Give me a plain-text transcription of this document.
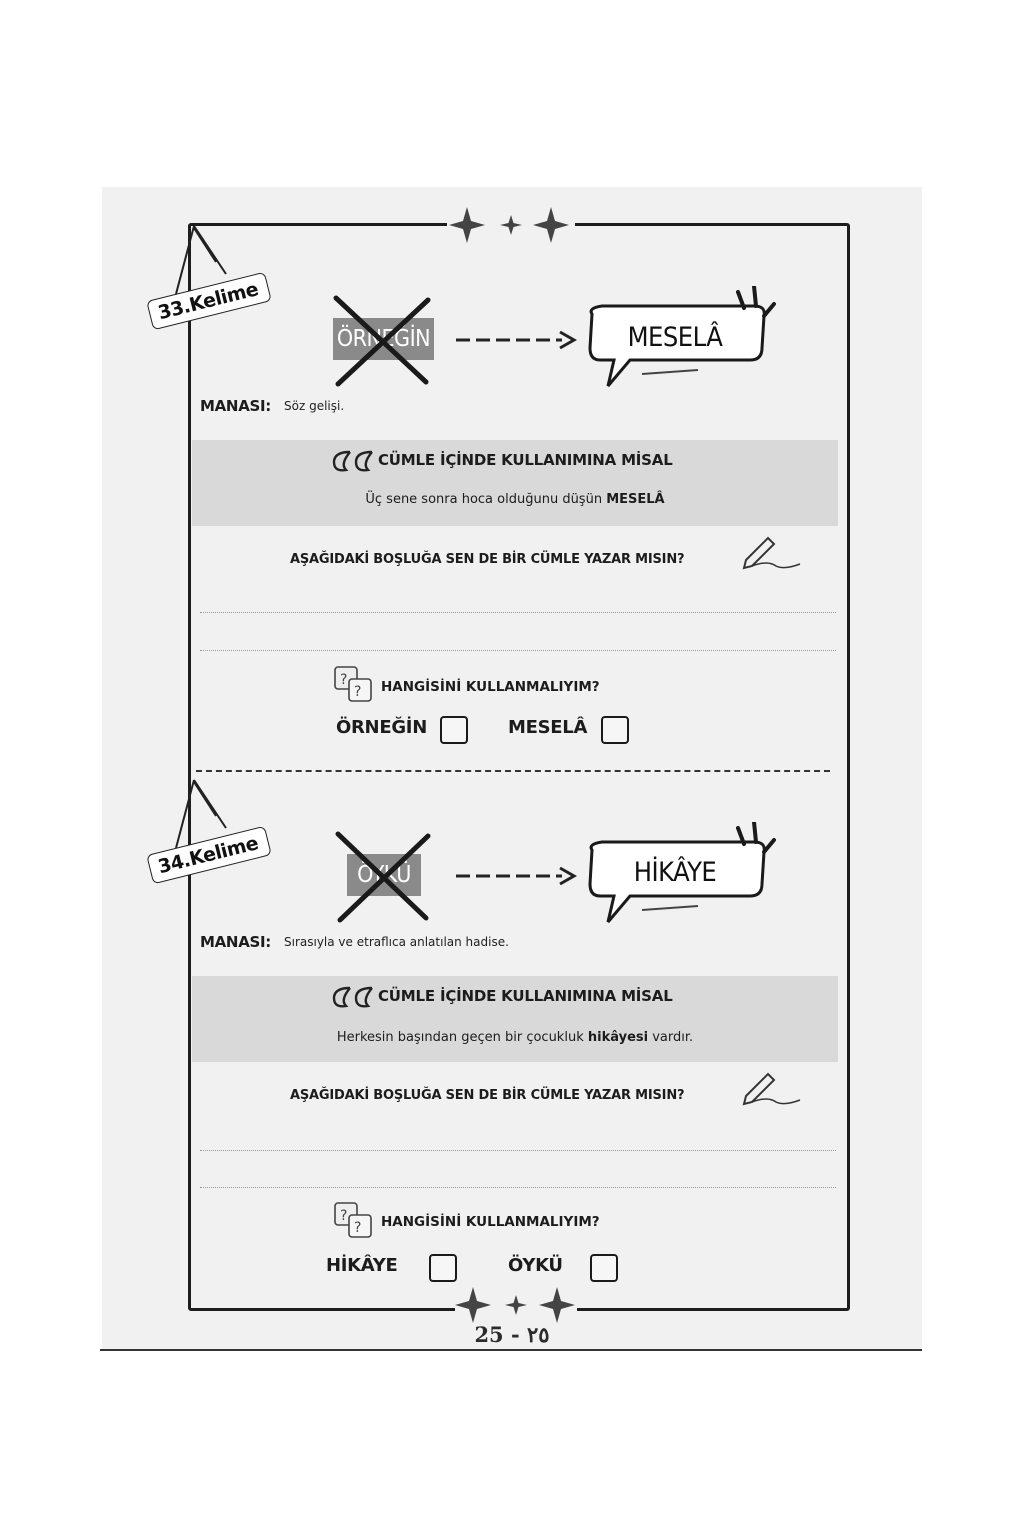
25 - ٢٥
33.Kelime
ÖRNEĞİN	MESELÂ
MANASI: Söz gelişi.
CÜMLE İÇİNDE KULLANIMINA MİSAL
Üç sene sonra hoca olduğunu düşün MESELÂ
AŞAĞIDAKİ BOŞLUĞA SEN DE BİR CÜMLE YAZAR MISIN?
?
? HANGİSİNİ KULLANMALIYIM?
ÖRNEĞİN	MESELÂ
34.Kelime	ÖYKÜ	HİKÂYE
MANASI: Sırasıyla ve etraflıca anlatılan hadise.
CÜMLE İÇİNDE KULLANIMINA MİSAL
Herkesin başından geçen bir çocukluk hikâyesi vardır.
AŞAĞIDAKİ BOŞLUĞA SEN DE BİR CÜMLE YAZAR MISIN?
?
? HANGİSİNİ KULLANMALIYIM?
HİKÂYE	ÖYKÜ
